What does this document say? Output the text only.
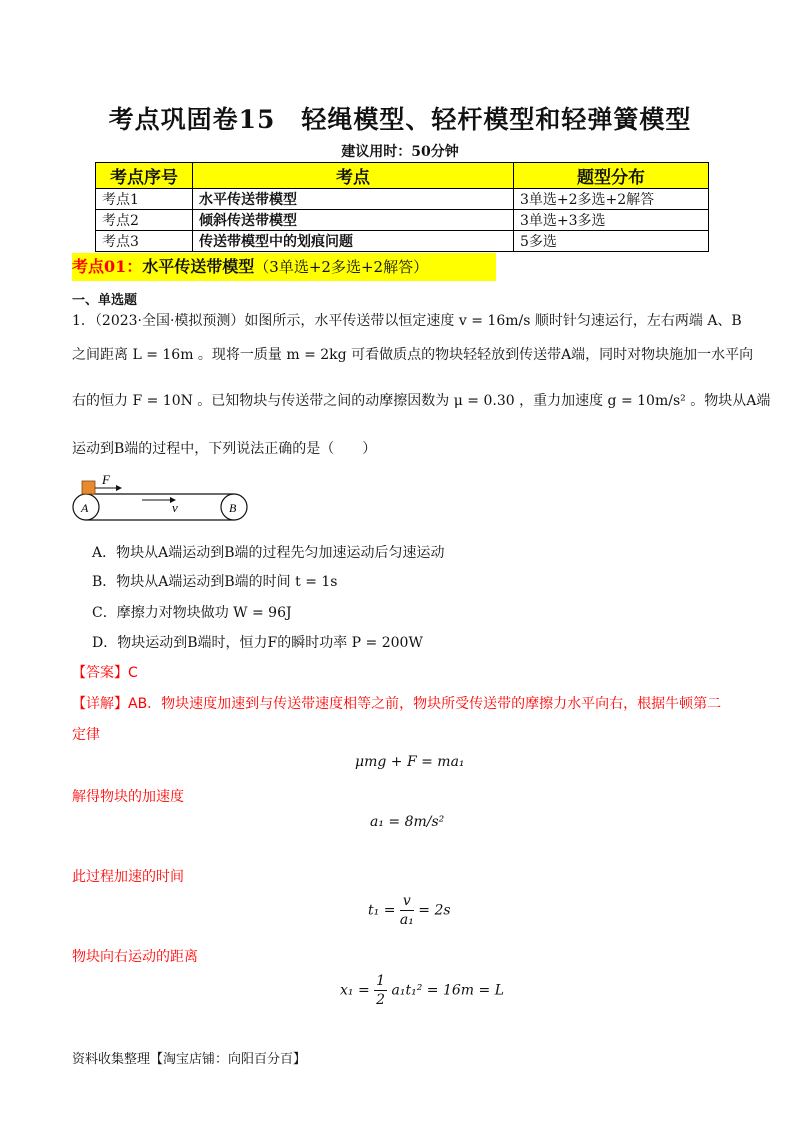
考点巩固卷15　轻绳模型、轻杆模型和轻弹簧模型
建议用时：50分钟
考点序号	考点	题型分布
考点1	水平传送带模型	3单选+2多选+2解答
考点2	倾斜传送带模型	3单选+3多选
考点3	传送带模型中的划痕问题	5多选
考点01：水平传送带模型（3单选+2多选+2解答）
一、单选题
1．（2023·全国·模拟预测）如图所示，水平传送带以恒定速度 v = 16m/s 顺时针匀速运行，左右两端 A、B
之间距离 L = 16m 。现将一质量 m = 2kg 可看做质点的物块轻轻放到传送带A端，同时对物块施加一水平向
右的恒力 F = 10N 。已知物块与传送带之间的动摩擦因数为 μ = 0.30 ，重力加速度 g = 10m/s² 。物块从A端
运动到B端的过程中，下列说法正确的是（　　）
F
v
A	B
A．物块从A端运动到B端的过程先匀加速运动后匀速运动
B．物块从A端运动到B端的时间 t = 1s
C．摩擦力对物块做功 W = 96J
D．物块运动到B端时，恒力F的瞬时功率 P = 200W
【答案】C
【详解】AB．物块速度加速到与传送带速度相等之前，物块所受传送带的摩擦力水平向右，根据牛顿第二
定律
μmg + F = ma₁
解得物块的加速度
a₁ = 8m/s²
此过程加速的时间
$t_1 = \frac{v}{\text{a₁}} = 2s$
物块向右运动的距离
$x_1 = \frac{1}{2} a_1t_1^2 = 16m = L$
资料收集整理【淘宝店铺：向阳百分百】
